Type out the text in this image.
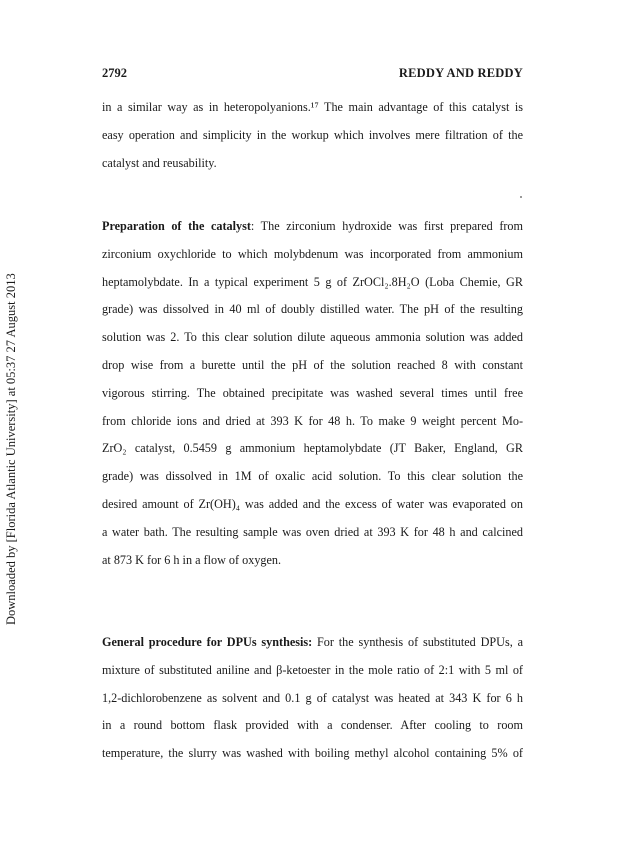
2792	REDDY AND REDDY
Downloaded by [Florida Atlantic University] at 05:37 27 August 2013
in a similar way as in heteropolyanions.¹⁷ The main advantage of this catalyst is
easy operation and simplicity in the workup which involves mere filtration of the
catalyst and reusability.
Preparation of the catalyst: The zirconium hydroxide was first prepared from
zirconium oxychloride to which molybdenum was incorporated from ammonium
heptamolybdate. In a typical experiment 5 g of ZrOCl₂.8H₂O (Loba Chemie, GR
grade) was dissolved in 40 ml of doubly distilled water. The pH of the resulting
solution was 2. To this clear solution dilute aqueous ammonia solution was added
drop wise from a burette until the pH of the solution reached 8 with constant
vigorous stirring. The obtained precipitate was washed several times until free
from chloride ions and dried at 393 K for 48 h. To make 9 weight percent Mo-
ZrO₂ catalyst, 0.5459 g ammonium heptamolybdate (JT Baker, England, GR
grade) was dissolved in 1M of oxalic acid solution. To this clear solution the
desired amount of Zr(OH)₄ was added and the excess of water was evaporated on
a water bath. The resulting sample was oven dried at 393 K for 48 h and calcined
at 873 K for 6 h in a flow of oxygen.
General procedure for DPUs synthesis: For the synthesis of substituted DPUs, a
mixture of substituted aniline and β-ketoester in the mole ratio of 2:1 with 5 ml of
1,2-dichlorobenzene as solvent and 0.1 g of catalyst was heated at 343 K for 6 h
in a round bottom flask provided with a condenser. After cooling to room
temperature, the slurry was washed with boiling methyl alcohol containing 5% of
